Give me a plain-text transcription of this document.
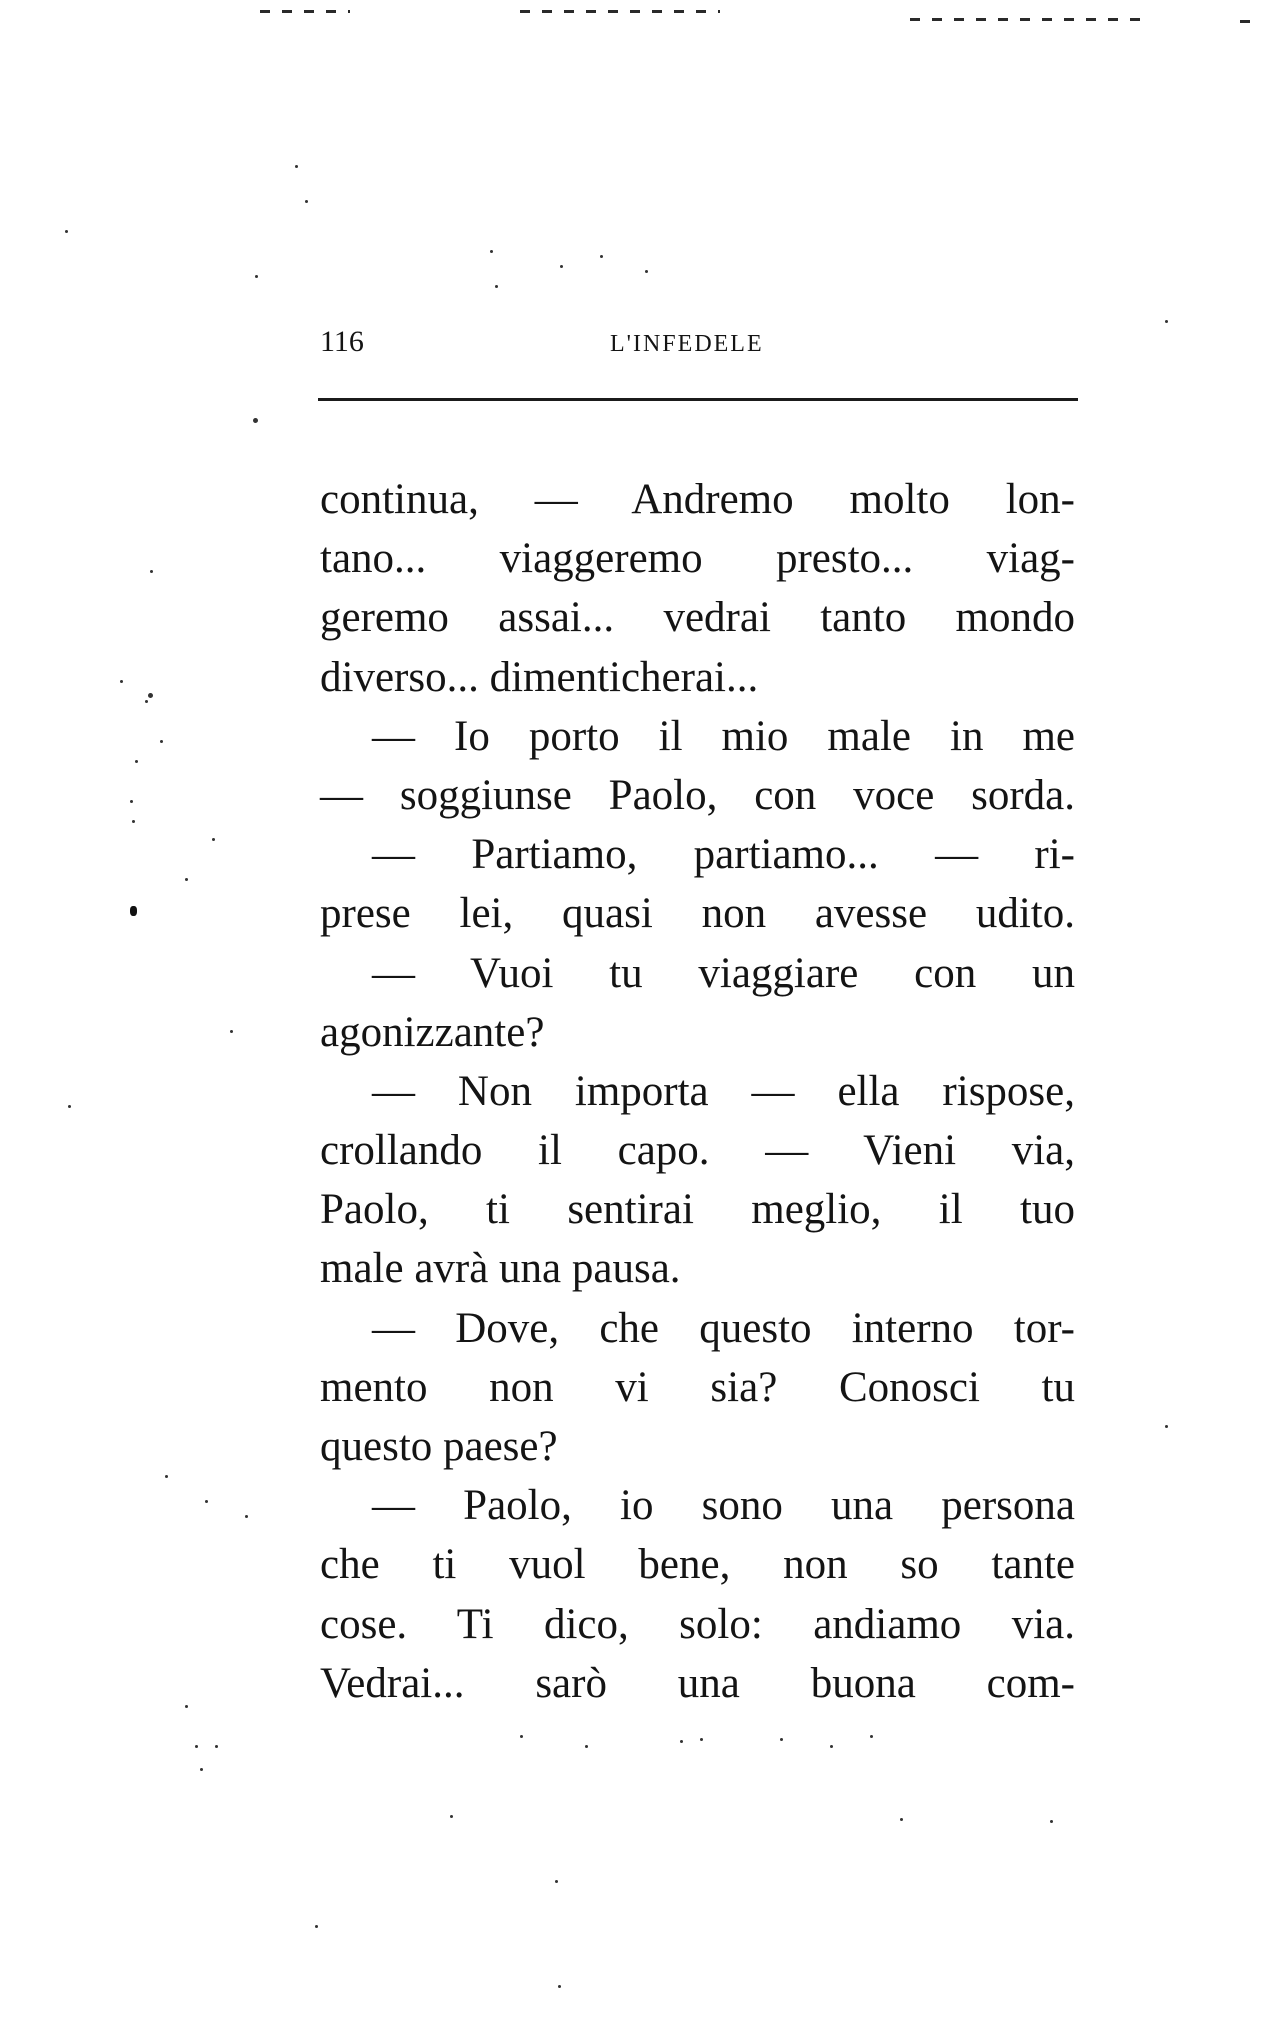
116	L'INFEDELE
continua, — Andremo molto lon-
tano... viaggeremo presto... viag-
geremo assai... vedrai tanto mondo
diverso... dimenticherai...
— Io porto il mio male in me
— soggiunse Paolo, con voce sorda.
— Partiamo, partiamo... — ri-
prese lei, quasi non avesse udito.
— Vuoi tu viaggiare con un
agonizzante?
— Non importa — ella rispose,
crollando il capo. — Vieni via,
Paolo, ti sentirai meglio, il tuo
male avrà una pausa.
— Dove, che questo interno tor-
mento non vi sia? Conosci tu
questo paese?
— Paolo, io sono una persona
che ti vuol bene, non so tante
cose. Ti dico, solo: andiamo via.
Vedrai... sarò una buona com-
